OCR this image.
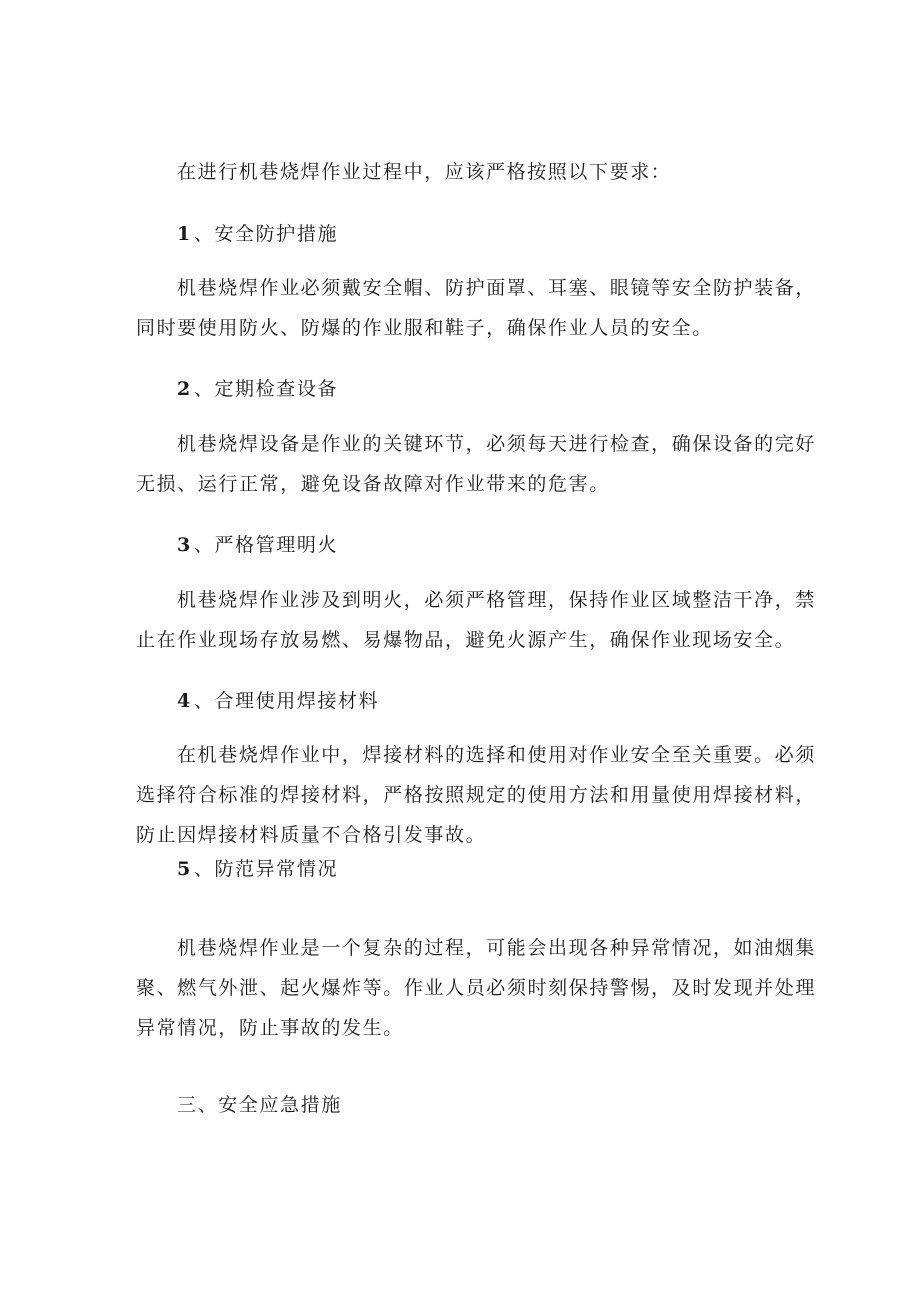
在进行机巷烧焊作业过程中，应该严格按照以下要求：

1 、安全防护措施

机巷烧焊作业必须戴安全帽、防护面罩、耳塞、眼镜等安全防护装备，同时要使用防火、防爆的作业服和鞋子，确保作业人员的安全。

2 、定期检查设备

机巷烧焊设备是作业的关键环节，必须每天进行检查，确保设备的完好无损、运行正常，避免设备故障对作业带来的危害。

3 、严格管理明火

机巷烧焊作业涉及到明火，必须严格管理，保持作业区域整洁干净，禁止在作业现场存放易燃、易爆物品，避免火源产生，确保作业现场安全。

4 、合理使用焊接材料

在机巷烧焊作业中，焊接材料的选择和使用对作业安全至关重要。必须选择符合标准的焊接材料，严格按照规定的使用方法和用量使用焊接材料，防止因焊接材料质量不合格引发事故。

5 、防范异常情况

机巷烧焊作业是一个复杂的过程，可能会出现各种异常情况，如油烟集聚、燃气外泄、起火爆炸等。作业人员必须时刻保持警惕，及时发现并处理异常情况，防止事故的发生。

三、安全应急措施
